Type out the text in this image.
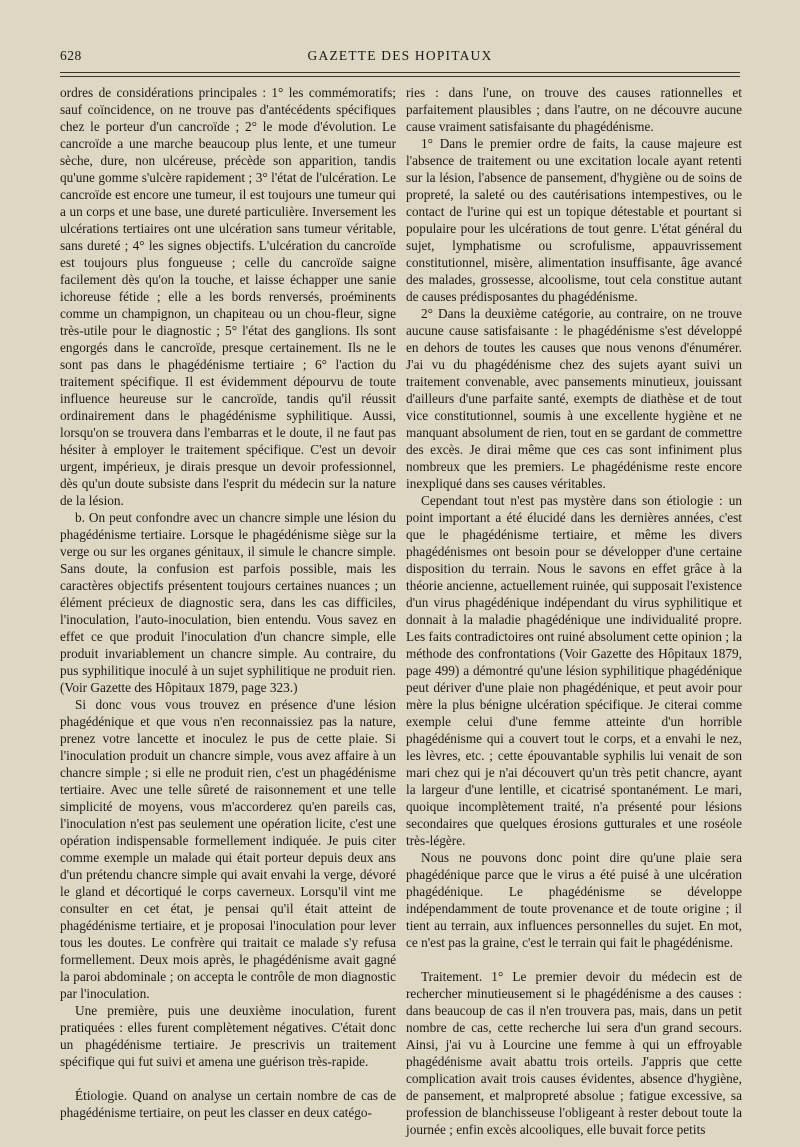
628	GAZETTE DES HOPITAUX

ordres de considérations principales : 1° les commémoratifs; sauf coïncidence, on ne trouve pas d'antécédents spécifiques chez le porteur d'un cancroïde ; 2° le mode d'évolution. Le cancroïde a une marche beaucoup plus lente, et une tumeur sèche, dure, non ulcéreuse, précède son apparition, tandis qu'une gomme s'ulcère rapidement ; 3° l'état de l'ulcération. Le cancroïde est encore une tumeur, il est toujours une tumeur qui a un corps et une base, une dureté particulière. Inversement les ulcérations tertiaires ont une ulcération sans tumeur véritable, sans dureté ; 4° les signes objectifs. L'ulcération du cancroïde est toujours plus fongueuse ; celle du cancroïde saigne facilement dès qu'on la touche, et laisse échapper une sanie ichoreuse fétide ; elle a les bords renversés, proéminents comme un champignon, un chapiteau ou un chou-fleur, signe très-utile pour le diagnostic ; 5° l'état des ganglions. Ils sont engorgés dans le cancroïde, presque certainement. Ils ne le sont pas dans le phagédénisme tertiaire ; 6° l'action du traitement spécifique. Il est évidemment dépourvu de toute influence heureuse sur le cancroïde, tandis qu'il réussit ordinairement dans le phagédénisme syphilitique. Aussi, lorsqu'on se trouvera dans l'embarras et le doute, il ne faut pas hésiter à employer le traitement spécifique. C'est un devoir urgent, impérieux, je dirais presque un devoir professionnel, dès qu'un doute subsiste dans l'esprit du médecin sur la nature de la lésion.

b. On peut confondre avec un chancre simple une lésion du phagédénisme tertiaire. Lorsque le phagédénisme siège sur la verge ou sur les organes génitaux, il simule le chancre simple. Sans doute, la confusion est parfois possible, mais les caractères objectifs présentent toujours certaines nuances ; un élément précieux de diagnostic sera, dans les cas difficiles, l'inoculation, l'auto-inoculation, bien entendu. Vous savez en effet ce que produit l'inoculation d'un chancre simple, elle produit invariablement un chancre simple. Au contraire, du pus syphilitique inoculé à un sujet syphilitique ne produit rien. (Voir Gazette des Hôpitaux 1879, page 323.)

Si donc vous vous trouvez en présence d'une lésion phagédénique et que vous n'en reconnaissiez pas la nature, prenez votre lancette et inoculez le pus de cette plaie. Si l'inoculation produit un chancre simple, vous avez affaire à un chancre simple ; si elle ne produit rien, c'est un phagédénisme tertiaire. Avec une telle sûreté de raisonnement et une telle simplicité de moyens, vous m'accorderez qu'en pareils cas, l'inoculation n'est pas seulement une opération licite, c'est une opération indispensable formellement indiquée. Je puis citer comme exemple un malade qui était porteur depuis deux ans d'un prétendu chancre simple qui avait envahi la verge, dévoré le gland et décortiqué le corps caverneux. Lorsqu'il vint me consulter en cet état, je pensai qu'il était atteint de phagédénisme tertiaire, et je proposai l'inoculation pour lever tous les doutes. Le confrère qui traitait ce malade s'y refusa formellement. Deux mois après, le phagédénisme avait gagné la paroi abdominale ; on accepta le contrôle de mon diagnostic par l'inoculation.

Une première, puis une deuxième inoculation, furent pratiquées : elles furent complètement négatives. C'était donc un phagédénisme tertiaire. Je prescrivis un traitement spécifique qui fut suivi et amena une guérison très-rapide.

Étiologie. Quand on analyse un certain nombre de cas de phagédénisme tertiaire, on peut les classer en deux catégo-

ries : dans l'une, on trouve des causes rationnelles et parfaitement plausibles ; dans l'autre, on ne découvre aucune cause vraiment satisfaisante du phagédénisme.

1° Dans le premier ordre de faits, la cause majeure est l'absence de traitement ou une excitation locale ayant retenti sur la lésion, l'absence de pansement, d'hygiène ou de soins de propreté, la saleté ou des cautérisations intempestives, ou le contact de l'urine qui est un topique détestable et pourtant si populaire pour les ulcérations de tout genre. L'état général du sujet, lymphatisme ou scrofulisme, appauvrissement constitutionnel, misère, alimentation insuffisante, âge avancé des malades, grossesse, alcoolisme, tout cela constitue autant de causes prédisposantes du phagédénisme.

2° Dans la deuxième catégorie, au contraire, on ne trouve aucune cause satisfaisante : le phagédénisme s'est développé en dehors de toutes les causes que nous venons d'énumérer. J'ai vu du phagédénisme chez des sujets ayant suivi un traitement convenable, avec pansements minutieux, jouissant d'ailleurs d'une parfaite santé, exempts de diathèse et de tout vice constitutionnel, soumis à une excellente hygiène et ne manquant absolument de rien, tout en se gardant de commettre des excès. Je dirai même que ces cas sont infiniment plus nombreux que les premiers. Le phagédénisme reste encore inexpliqué dans ses causes véritables.

Cependant tout n'est pas mystère dans son étiologie : un point important a été élucidé dans les dernières années, c'est que le phagédénisme tertiaire, et même les divers phagédénismes ont besoin pour se développer d'une certaine disposition du terrain. Nous le savons en effet grâce à la théorie ancienne, actuellement ruinée, qui supposait l'existence d'un virus phagédénique indépendant du virus syphilitique et donnait à la maladie phagédénique une individualité propre. Les faits contradictoires ont ruiné absolument cette opinion ; la méthode des confrontations (Voir Gazette des Hôpitaux 1879, page 499) a démontré qu'une lésion syphilitique phagédénique peut dériver d'une plaie non phagédénique, et peut avoir pour mère la plus bénigne ulcération spécifique. Je citerai comme exemple celui d'une femme atteinte d'un horrible phagédénisme qui a couvert tout le corps, et a envahi le nez, les lèvres, etc. ; cette épouvantable syphilis lui venait de son mari chez qui je n'ai découvert qu'un très petit chancre, ayant la largeur d'une lentille, et cicatrisé spontanément. Le mari, quoique incomplètement traité, n'a présenté pour lésions secondaires que quelques érosions gutturales et une roséole très-légère.

Nous ne pouvons donc point dire qu'une plaie sera phagédénique parce que le virus a été puisé à une ulcération phagédénique. Le phagédénisme se développe indépendamment de toute provenance et de toute origine ; il tient au terrain, aux influences personnelles du sujet. En mot, ce n'est pas la graine, c'est le terrain qui fait le phagédénisme.

Traitement. 1° Le premier devoir du médecin est de rechercher minutieusement si le phagédénisme a des causes : dans beaucoup de cas il n'en trouvera pas, mais, dans un petit nombre de cas, cette recherche lui sera d'un grand secours. Ainsi, j'ai vu à Lourcine une femme à qui un effroyable phagédénisme avait abattu trois orteils. J'appris que cette complication avait trois causes évidentes, absence d'hygiène, de pansement, et malpropreté absolue ; fatigue excessive, sa profession de blanchisseuse l'obligeant à rester debout toute la journée ; enfin excès alcooliques, elle buvait force petits
